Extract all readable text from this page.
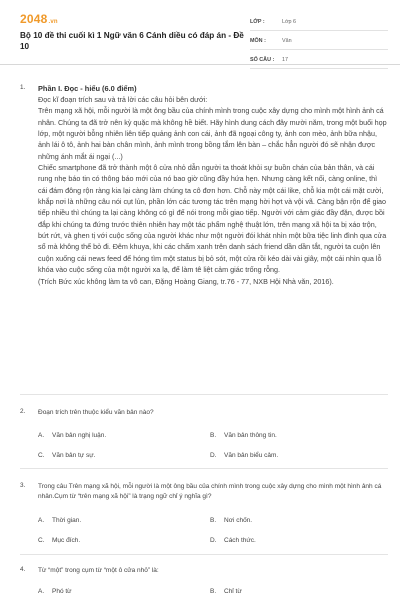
2048.vn
Bộ 10 đề thi cuối kì 1 Ngữ văn 6 Cánh diều có đáp án - Đề 10
LỚP :	Lớp 6
MÔN :	Văn
SỐ CÂU :	17
1. Phần I. Đọc - hiểu (6.0 điểm)
Đọc kĩ đoạn trích sau và trả lời các câu hỏi bên dưới:
Trên mạng xã hội, mỗi người là một ông bầu của chính mình trong cuộc xây dựng cho mình một hình ảnh cá nhân. Chúng ta đã trở nên kỳ quặc mà không hề biết. Hãy hình dung cách đây mười năm, trong một buổi họp lớp, một người bỗng nhiên liên tiếp quảng ảnh con cái, ảnh đã ngoại công ty, ảnh con mèo, ảnh bữa nhậu, ảnh lái ô tô, ảnh hai bàn chân mình, ảnh mình trong bồng tắm lên bàn – chắc hẳn người đó sẽ nhận được những ánh mắt ái ngại (...)
Chiếc smartphone đã trở thành một ô cửa nhỏ dẫn người ta thoát khỏi sự buồn chán của bản thân, và cái rung nhẹ báo tin có thông báo mới của nó bao giờ cũng đầy hứa hẹn. Nhưng càng kết nối, càng online, thì cái đám đông rộn ràng kia lại càng làm chúng ta cô đơn hơn. Chỗ này một cái like, chỗ kia một cái mặt cười, khắp nơi là những câu nói cụt lủn, phần lớn các tương tác trên mạng hời hợt và vội vã. Càng bận rộn để giao tiếp nhiều thì chúng ta lại càng không có gì để nói trong mỗi giao tiếp. Người với cảm giác đầy đặn, được bồi đắp khi chúng ta đứng trước thiên nhiên hay một tác phẩm nghệ thuật lớn, trên mạng xã hội ta bị xáo trộn, bứt rứt, và ghen tị với cuộc sống của người khác như một người đói khát nhìn một bữa tiệc linh đình qua cửa sổ mà không thể bỏ đi. Đêm khuya, khi các chấm xanh trên danh sách friend dần dần tắt, người ta cuộn lên cuộn xuống cái news feed để hóng tìm một status bị bỏ sót, một cửa rồi kéo dài vài giây, một cái nhìn qua lỗ khóa vào cuộc sống của một người xa lạ, để làm tê liệt cảm giác trống rỗng.
(Trích Bức xúc không làm ta vô can, Đặng Hoàng Giang, tr.76 - 77, NXB Hội Nhà văn, 2016).
2. Đoạn trích trên thuộc kiểu văn bản nào?
A. Văn bản nghị luận.	B. Văn bản thông tin.
C. Văn bản tự sự.	D. Văn bản biểu cảm.
3. Trong câu Trên mạng xã hội, mỗi người là một ông bầu của chính mình trong cuộc xây dựng cho mình một hình ảnh cá nhân.Cụm từ “trên mạng xã hội” là trạng ngữ chỉ ý nghĩa gì?
A. Thời gian.	B. Nơi chốn.
C. Mục đích.	D. Cách thức.
4. Từ “một” trong cụm từ “một ô cửa nhỏ” là:
A. Phó từ	B. Chỉ từ
